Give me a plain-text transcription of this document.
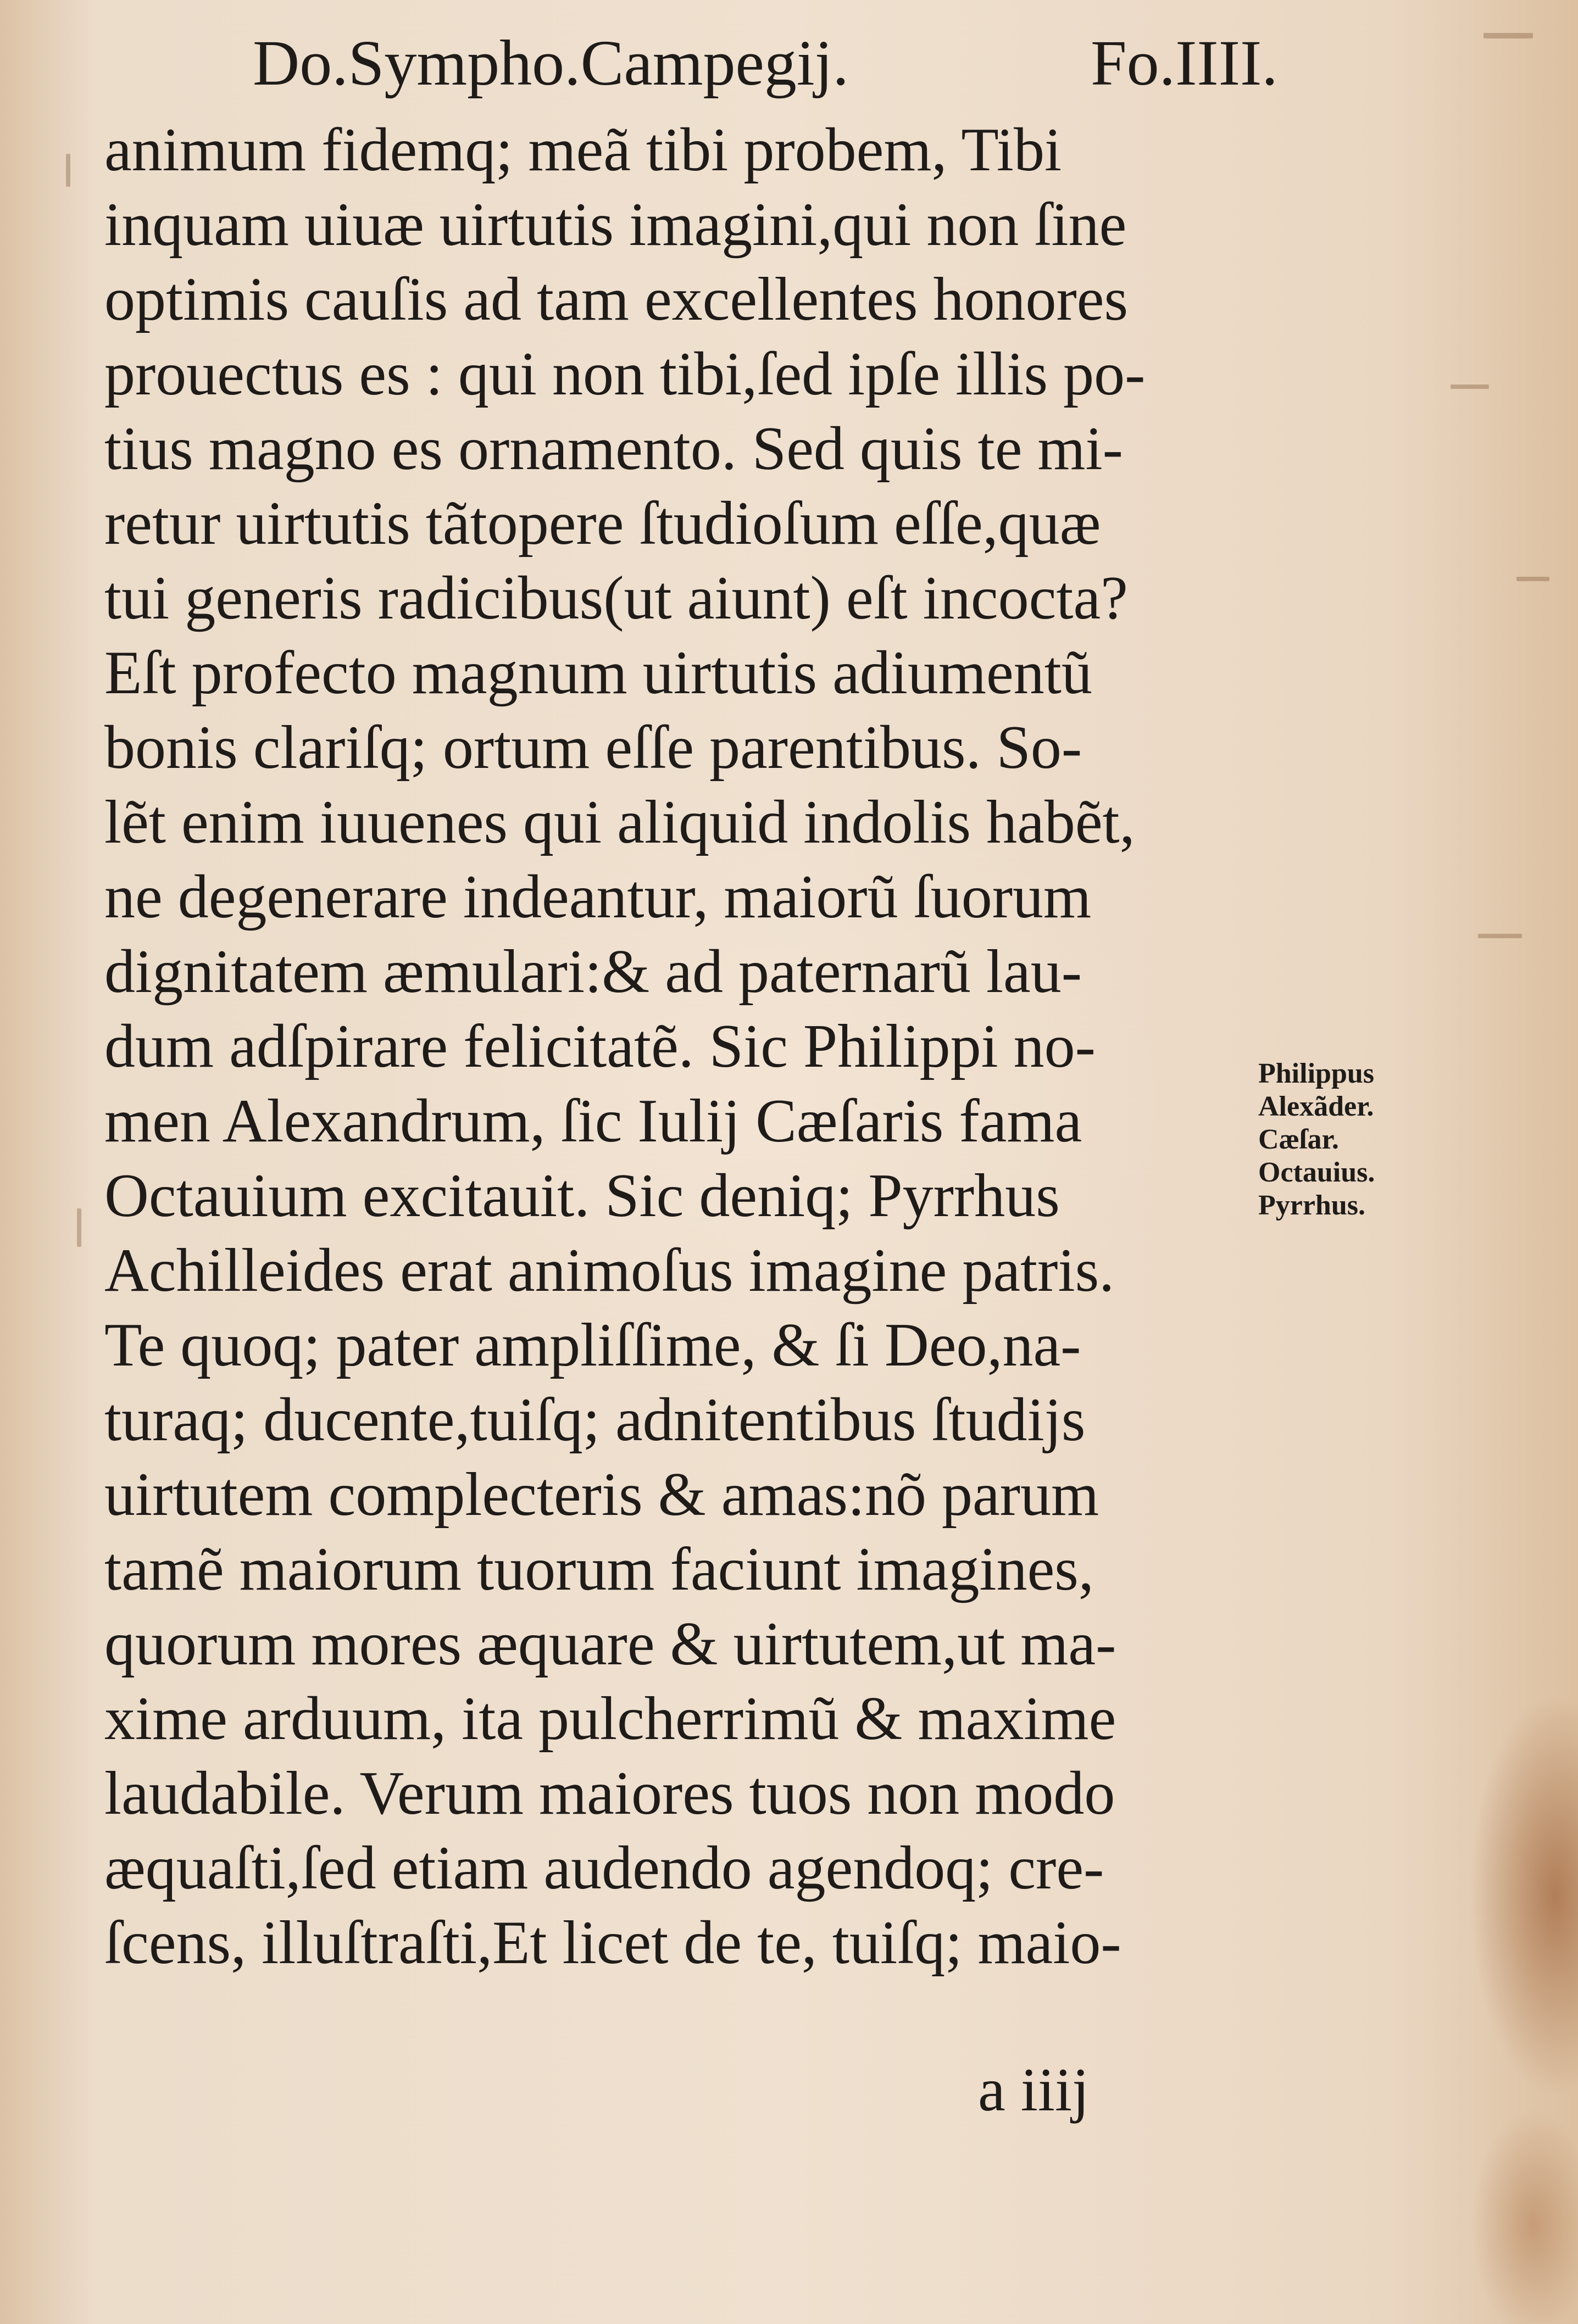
Do.Sympho.Campegij.	Fo.IIII.
animum fidemq; meã tibi probem, Tibi
inquam uiuæ uirtutis imagini,qui non ſine
optimis cauſis ad tam excellentes honores
prouectus es : qui non tibi,ſed ipſe illis po-
tius magno es ornamento. Sed quis te mi-
retur uirtutis tãtopere ſtudioſum eſſe,quæ
tui generis radicibus(ut aiunt) eſt incocta?
Eſt profecto magnum uirtutis adiumentũ
bonis clariſq; ortum eſſe parentibus. So-
lẽt enim iuuenes qui aliquid indolis habẽt,
ne degenerare indeantur, maiorũ ſuorum
dignitatem æmulari:& ad paternarũ lau-
dum adſpirare felicitatẽ. Sic Philippi no-
men Alexandrum, ſic Iulij Cæſaris fama
Octauium excitauit. Sic deniq; Pyrrhus
Achilleides erat animoſus imagine patris.
Te quoq; pater ampliſſime, & ſi Deo,na-
turaq; ducente,tuiſq; adnitentibus ſtudijs
uirtutem complecteris & amas:nõ parum
tamẽ maiorum tuorum faciunt imagines,
quorum mores æquare & uirtutem,ut ma-
xime arduum, ita pulcherrimũ & maxime
laudabile. Verum maiores tuos non modo
æquaſti,ſed etiam audendo agendoq; cre-
ſcens, illuſtraſti,Et licet de te, tuiſq; maio-
Philippus
Alexãder.
Cæſar.
Octauius.
Pyrrhus.
a iiij
